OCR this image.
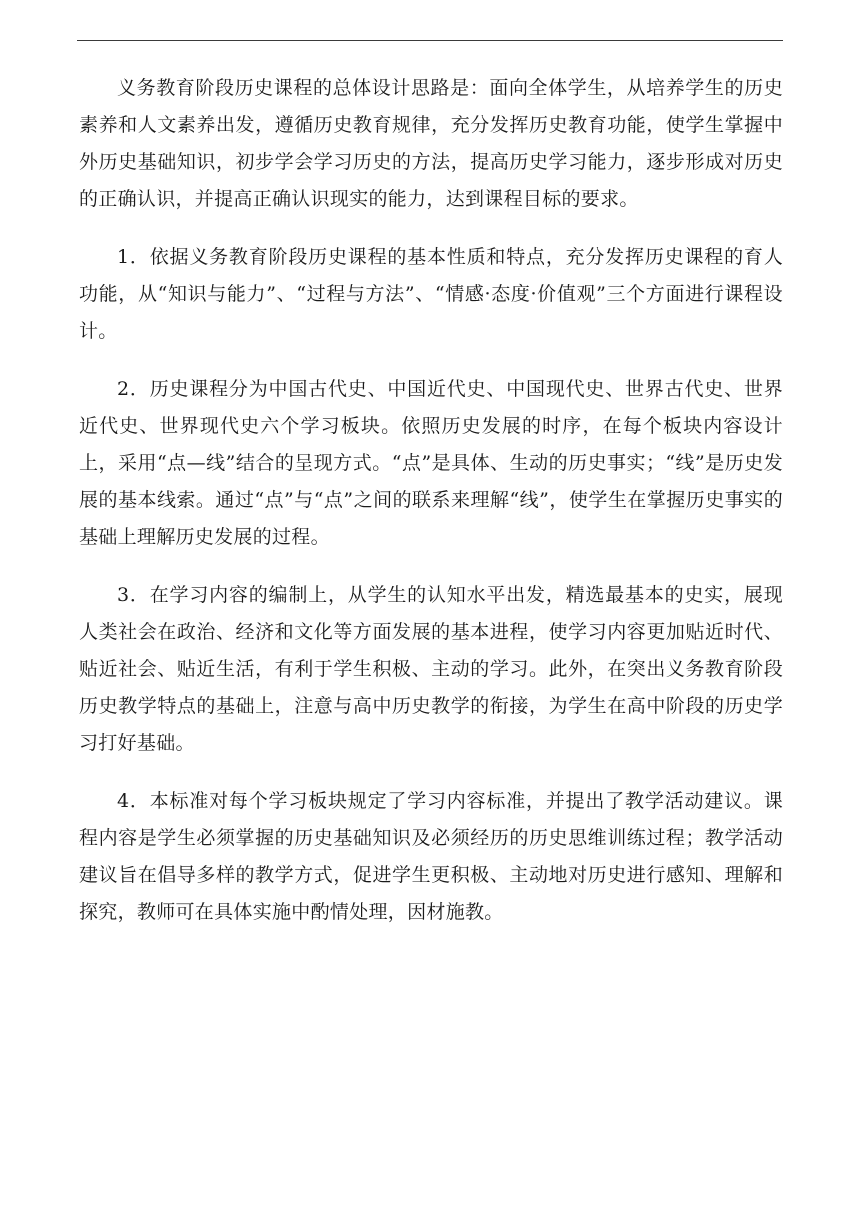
义务教育阶段历史课程的总体设计思路是：面向全体学生，从培养学生的历史素养和人文素养出发，遵循历史教育规律，充分发挥历史教育功能，使学生掌握中外历史基础知识，初步学会学习历史的方法，提高历史学习能力，逐步形成对历史的正确认识，并提高正确认识现实的能力，达到课程目标的要求。

1．依据义务教育阶段历史课程的基本性质和特点，充分发挥历史课程的育人功能，从“知识与能力”、“过程与方法”、“情感·态度·价值观”三个方面进行课程设计。

2．历史课程分为中国古代史、中国近代史、中国现代史、世界古代史、世界近代史、世界现代史六个学习板块。依照历史发展的时序，在每个板块内容设计上，采用“点—线”结合的呈现方式。“点”是具体、生动的历史事实；“线”是历史发展的基本线索。通过“点”与“点”之间的联系来理解“线”，使学生在掌握历史事实的基础上理解历史发展的过程。

3．在学习内容的编制上，从学生的认知水平出发，精选最基本的史实，展现人类社会在政治、经济和文化等方面发展的基本进程，使学习内容更加贴近时代、贴近社会、贴近生活，有利于学生积极、主动的学习。此外，在突出义务教育阶段历史教学特点的基础上，注意与高中历史教学的衔接，为学生在高中阶段的历史学习打好基础。

4．本标准对每个学习板块规定了学习内容标准，并提出了教学活动建议。课程内容是学生必须掌握的历史基础知识及必须经历的历史思维训练过程；教学活动建议旨在倡导多样的教学方式，促进学生更积极、主动地对历史进行感知、理解和探究，教师可在具体实施中酌情处理，因材施教。
